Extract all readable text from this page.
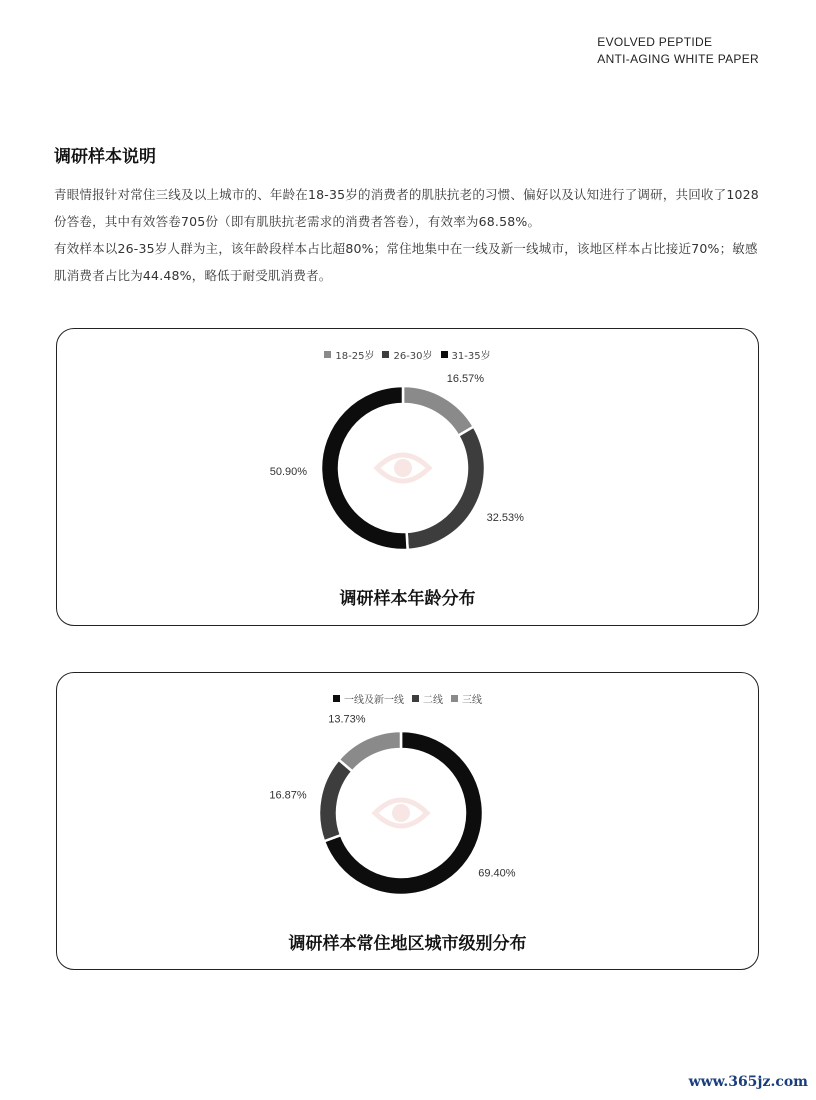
EVOLVED PEPTIDE
ANTI-AGING WHITE PAPER
调研样本说明

青眼情报针对常住三线及以上城市的、年龄在18-35岁的消费者的肌肤抗老的习惯、偏好以及认知进行了调研，共回收了1028份答卷，其中有效答卷705份（即有肌肤抗老需求的消费者答卷），有效率为68.58%。

有效样本以26-35岁人群为主，该年龄段样本占比超80%；常住地集中在一线及新一线城市，该地区样本占比接近70%；敏感肌消费者占比为44.48%，略低于耐受肌消费者。

18-25岁 26-30岁 31-35岁
16.57%
32.53%
50.90%
调研样本年龄分布
一线及新一线 二线 三线
69.40%
16.87%
13.73%
调研样本常住地区城市级别分布
www.365jz.com
